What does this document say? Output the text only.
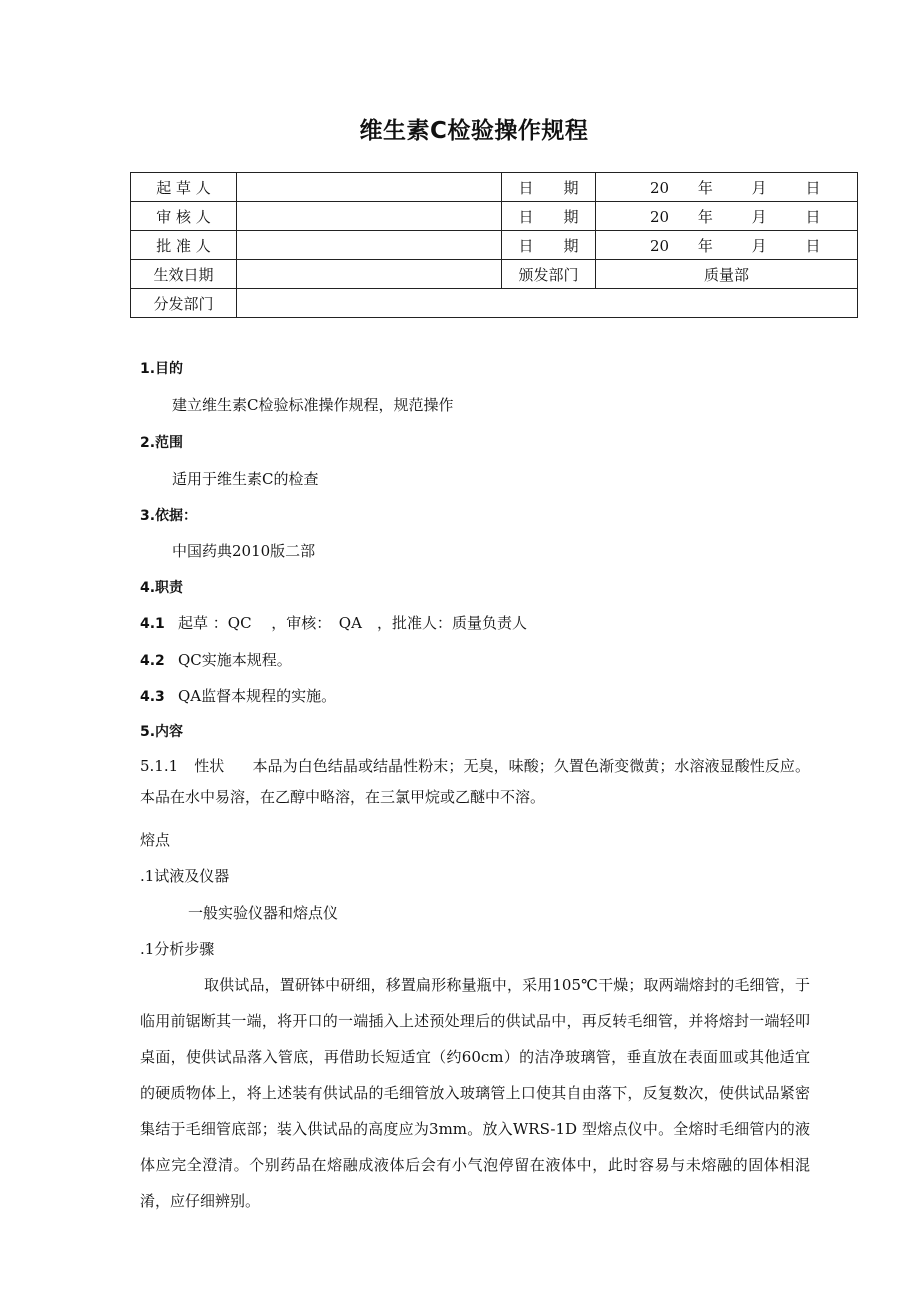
维生素C检验操作规程
起 草 人		日　　期	20 年 月 日
审 核 人		日　　期	20 年 月 日
批 准 人		日　　期	20 年 月 日
生效日期		颁发部门	质量部
分发部门			
1.目的
建立维生素C检验标准操作规程，规范操作
2.范围
适用于维生素C的检查
3.依据：
中国药典2010版二部
4.职责
4.1 起草 ：QC　 ，审核：　QA　，批准人：质量负责人
4.2 QC实施本规程。
4.3 QA监督本规程的实施。
5.内容
5.1.1 性状 本品为白色结晶或结晶性粉末；无臭，味酸；久置色渐变微黄；水溶液显酸性反应。本品在水中易溶，在乙醇中略溶，在三氯甲烷或乙醚中不溶。
熔点
.1试液及仪器
一般实验仪器和熔点仪
.1分析步骤
取供试品，置研钵中研细，移置扁形称量瓶中，采用105℃干燥；取两端熔封的毛细管，于临用前锯断其一端，将开口的一端插入上述预处理后的供试品中，再反转毛细管，并将熔封一端轻叩桌面，使供试品落入管底，再借助长短适宜（约60cm）的洁净玻璃管，垂直放在表面皿或其他适宜的硬质物体上，将上述装有供试品的毛细管放入玻璃管上口使其自由落下，反复数次，使供试品紧密集结于毛细管底部；装入供试品的高度应为3mm。放入WRS-1D 型熔点仪中。全熔时毛细管内的液体应完全澄清。个别药品在熔融成液体后会有小气泡停留在液体中，此时容易与未熔融的固体相混淆，应仔细辨别。
